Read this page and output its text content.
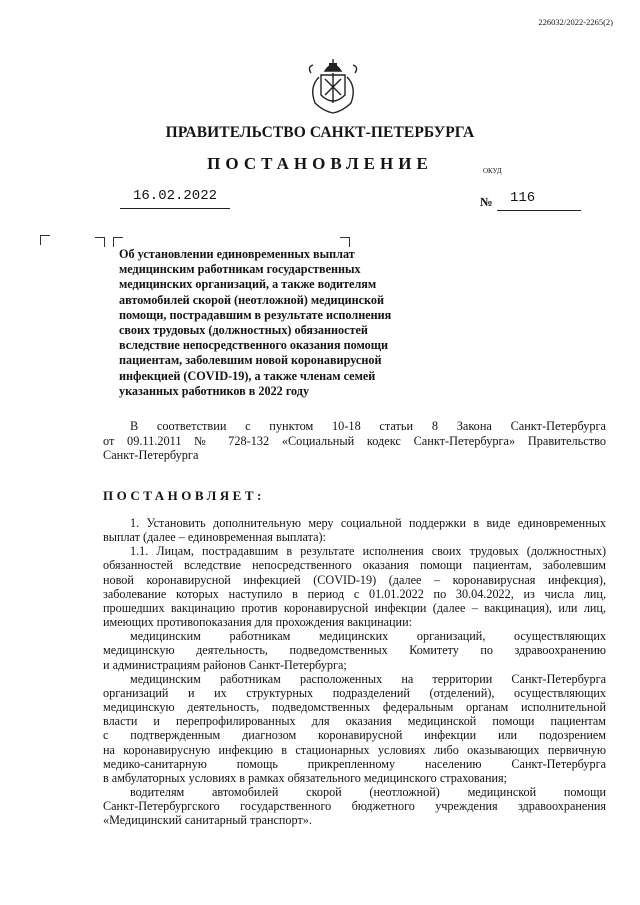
226032/2022-2265(2)
ПРАВИТЕЛЬСТВО САНКТ-ПЕТЕРБУРГА
ПОСТАНОВЛЕНИЕ	ОКУД
16.02.2022	№ 116
Об установлении единовременных выплат
медицинским работникам государственных
медицинских организаций, а также водителям
автомобилей скорой (неотложной) медицинской
помощи, пострадавшим в результате исполнения
своих трудовых (должностных) обязанностей
вследствие непосредственного оказания помощи
пациентам, заболевшим новой коронавирусной
инфекцией (COVID-19), а также членам семей
указанных работников в 2022 году
В соответствии с пунктом 10-18 статьи 8 Закона Санкт-Петербурга
от 09.11.2011 № 728-132 «Социальный кодекс Санкт-Петербурга» Правительство
Санкт-Петербурга
ПОСТАНОВЛЯЕТ:
1. Установить дополнительную меру социальной поддержки в виде единовременных
выплат (далее – единовременная выплата):
1.1. Лицам, пострадавшим в результате исполнения своих трудовых (должностных)
обязанностей вследствие непосредственного оказания помощи пациентам, заболевшим
новой коронавирусной инфекцией (COVID-19) (далее – коронавирусная инфекция),
заболевание которых наступило в период с 01.01.2022 по 30.04.2022, из числа лиц,
прошедших вакцинацию против коронавирусной инфекции (далее – вакцинация), или лиц,
имеющих противопоказания для прохождения вакцинации:
медицинским работникам медицинских организаций, осуществляющих
медицинскую деятельность, подведомственных Комитету по здравоохранению
и администрациям районов Санкт-Петербурга;
медицинским работникам расположенных на территории Санкт-Петербурга
организаций и их структурных подразделений (отделений), осуществляющих
медицинскую деятельность, подведомственных федеральным органам исполнительной
власти и перепрофилированных для оказания медицинской помощи пациентам
с подтвержденным диагнозом коронавирусной инфекции или подозрением
на коронавирусную инфекцию в стационарных условиях либо оказывающих первичную
медико-санитарную помощь прикрепленному населению Санкт-Петербурга
в амбулаторных условиях в рамках обязательного медицинского страхования;
водителям автомобилей скорой (неотложной) медицинской помощи
Санкт-Петербургского государственного бюджетного учреждения здравоохранения
«Медицинский санитарный транспорт».
